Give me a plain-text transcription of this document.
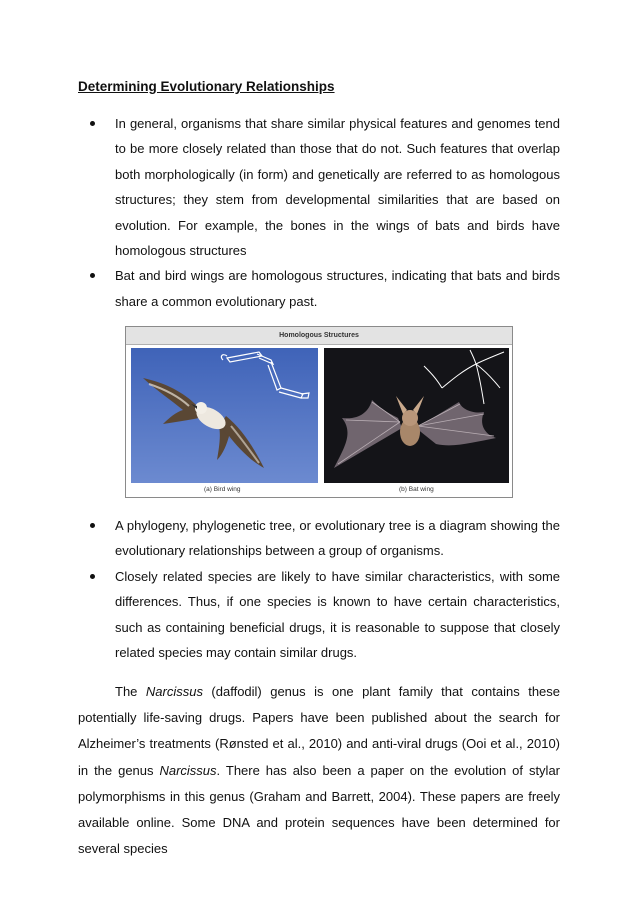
Determining Evolutionary Relationships
In general, organisms that share similar physical features and genomes tend to be more closely related than those that do not. Such features that overlap both morphologically (in form) and genetically are referred to as homologous structures; they stem from developmental similarities that are based on evolution. For example, the bones in the wings of bats and birds have homologous structures
Bat and bird wings are homologous structures, indicating that bats and birds share a common evolutionary past.
Homologous Structures
(a) Bird wing	(b) Bat wing
A phylogeny, phylogenetic tree, or evolutionary tree is a diagram showing the evolutionary relationships between a group of organisms.
Closely related species are likely to have similar characteristics, with some differences. Thus, if one species is known to have certain characteristics, such as containing beneficial drugs, it is reasonable to suppose that closely related species may contain similar drugs.

The Narcissus (daffodil) genus is one plant family that contains these potentially life-saving drugs. Papers have been published about the search for Alzheimer’s treatments (Rønsted et al., 2010) and anti-viral drugs (Ooi et al., 2010) in the genus Narcissus. There has also been a paper on the evolution of stylar polymorphisms in this genus (Graham and Barrett, 2004). These papers are freely available online. Some DNA and protein sequences have been determined for several species
